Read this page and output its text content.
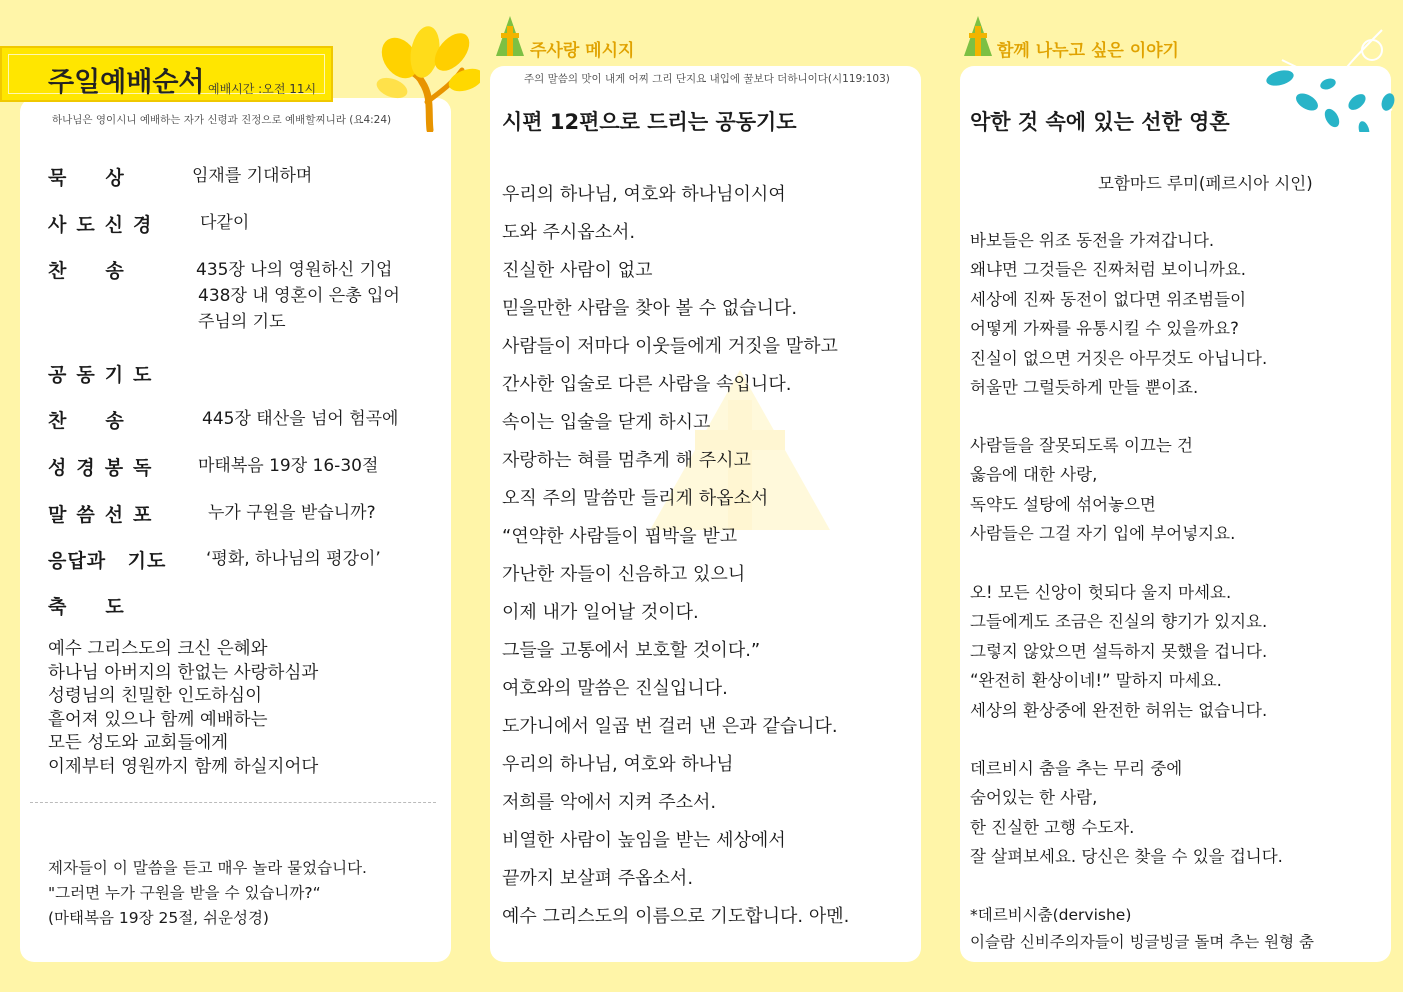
주일예배순서 예배시간 :오전 11시
하나님은 영이시니 예배하는 자가 신령과 진정으로 예배할찌니라 (요4:24)
묵　상	임재를 기대하며
사도신경 다같이
찬　송	435장 나의 영원하신 기업
438장 내 영혼이 은총 입어
주님의 기도
공동기도
찬　송	445장 태산을 넘어 험곡에
성경봉독 마태복음 19장 16-30절
말씀선포	누가 구원을 받습니까?
응답과 기도 ‘평화, 하나님의 평강이’
축　도
예수 그리스도의 크신 은혜와
하나님 아버지의 한없는 사랑하심과
성령님의 친밀한 인도하심이
흩어져 있으나 함께 예배하는
모든 성도와 교회들에게
이제부터 영원까지 함께 하실지어다
제자들이 이 말씀을 듣고 매우 놀라 물었습니다.
"그러면 누가 구원을 받을 수 있습니까?“
(마태복음 19장 25절, 쉬운성경)
주사랑 메시지
주의 말씀의 맛이 내게 어찌 그리 단지요 내입에 꿀보다 더하니이다(시119:103)
시편 12편으로 드리는 공동기도
우리의 하나님, 여호와 하나님이시여
도와 주시옵소서.
진실한 사람이 없고
믿을만한 사람을 찾아 볼 수 없습니다.
사람들이 저마다 이웃들에게 거짓을 말하고
간사한 입술로 다른 사람을 속입니다.
속이는 입술을 닫게 하시고
자랑하는 혀를 멈추게 해 주시고
오직 주의 말씀만 들리게 하옵소서
“연약한 사람들이 핍박을 받고
가난한 자들이 신음하고 있으니
이제 내가 일어날 것이다.
그들을 고통에서 보호할 것이다.”
여호와의 말씀은 진실입니다.
도가니에서 일곱 번 걸러 낸 은과 같습니다.
우리의 하나님, 여호와 하나님
저희를 악에서 지켜 주소서.
비열한 사람이 높임을 받는 세상에서
끝까지 보살펴 주옵소서.
예수 그리스도의 이름으로 기도합니다. 아멘.
함께 나누고 싶은 이야기
악한 것 속에 있는 선한 영혼
모함마드 루미(페르시아 시인)
바보들은 위조 동전을 가져갑니다.
왜냐면 그것들은 진짜처럼 보이니까요.
세상에 진짜 동전이 없다면 위조범들이
어떻게 가짜를 유통시킬 수 있을까요?
진실이 없으면 거짓은 아무것도 아닙니다.
허울만 그럴듯하게 만들 뿐이죠.
사람들을 잘못되도록 이끄는 건
옳음에 대한 사랑,
독약도 설탕에 섞어놓으면
사람들은 그걸 자기 입에 부어넣지요.
오! 모든 신앙이 헛되다 울지 마세요.
그들에게도 조금은 진실의 향기가 있지요.
그렇지 않았으면 설득하지 못했을 겁니다.
“완전히 환상이네!” 말하지 마세요.
세상의 환상중에 완전한 허위는 없습니다.
데르비시 춤을 추는 무리 중에
숨어있는 한 사람,
한 진실한 고행 수도자.
잘 살펴보세요. 당신은 찾을 수 있을 겁니다.
*데르비시춤(dervishe)
이슬람 신비주의자들이 빙글빙글 돌며 추는 원형 춤
